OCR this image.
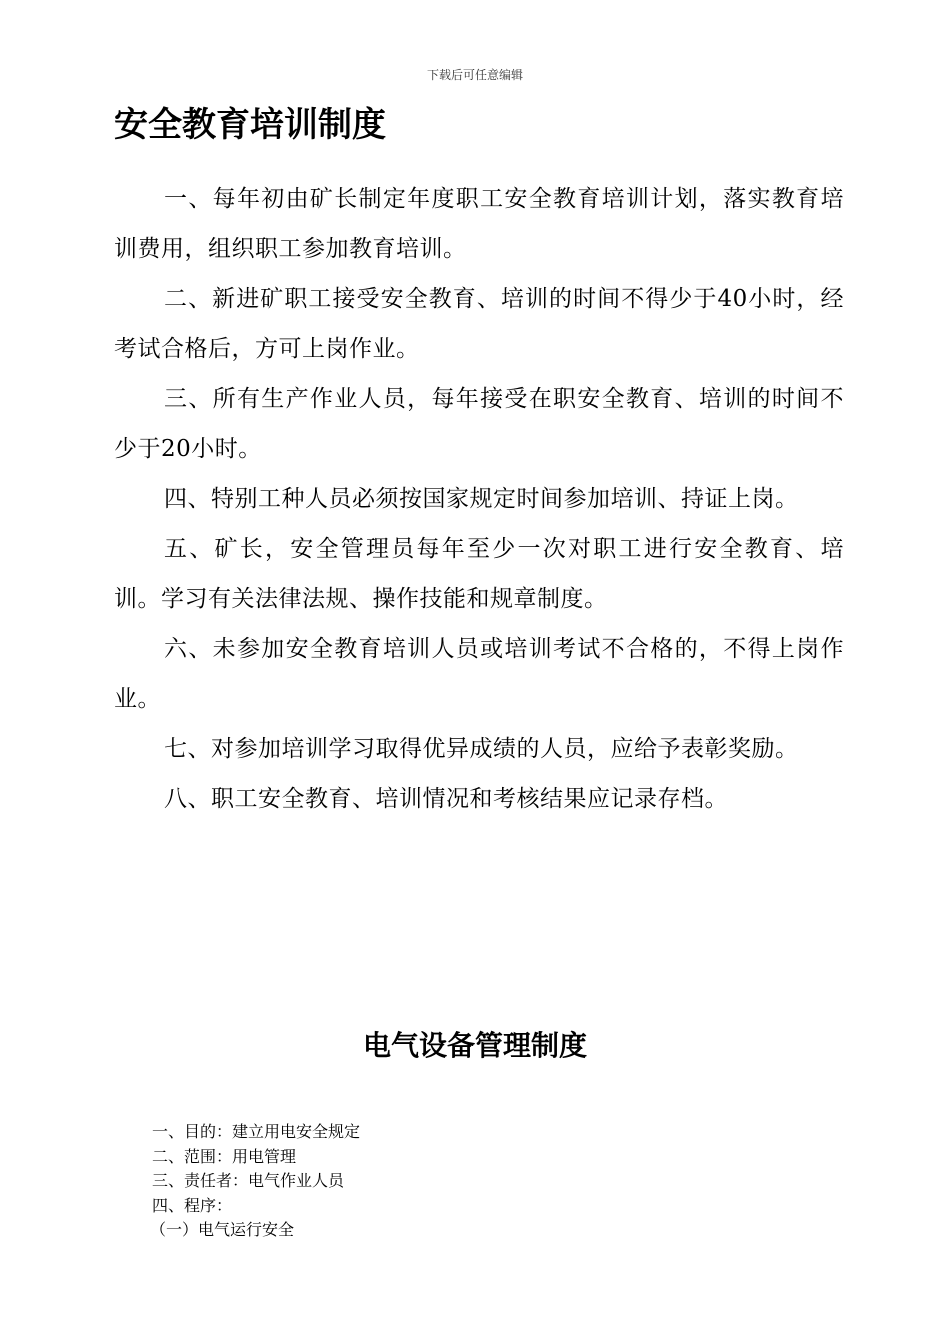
下载后可任意编辑
安全教育培训制度

一、每年初由矿长制定年度职工安全教育培训计划，落实教育培训费用，组织职工参加教育培训。

二、新进矿职工接受安全教育、培训的时间不得少于40小时，经考试合格后，方可上岗作业。

三、所有生产作业人员，每年接受在职安全教育、培训的时间不少于20小时。

四、特别工种人员必须按国家规定时间参加培训、持证上岗。

五、矿长，安全管理员每年至少一次对职工进行安全教育、培训。学习有关法律法规、操作技能和规章制度。

六、未参加安全教育培训人员或培训考试不合格的，不得上岗作业。

七、对参加培训学习取得优异成绩的人员，应给予表彰奖励。

八、职工安全教育、培训情况和考核结果应记录存档。

电气设备管理制度

一、目的：建立用电安全规定

二、范围：用电管理

三、责任者：电气作业人员

四、程序：

（一）电气运行安全
